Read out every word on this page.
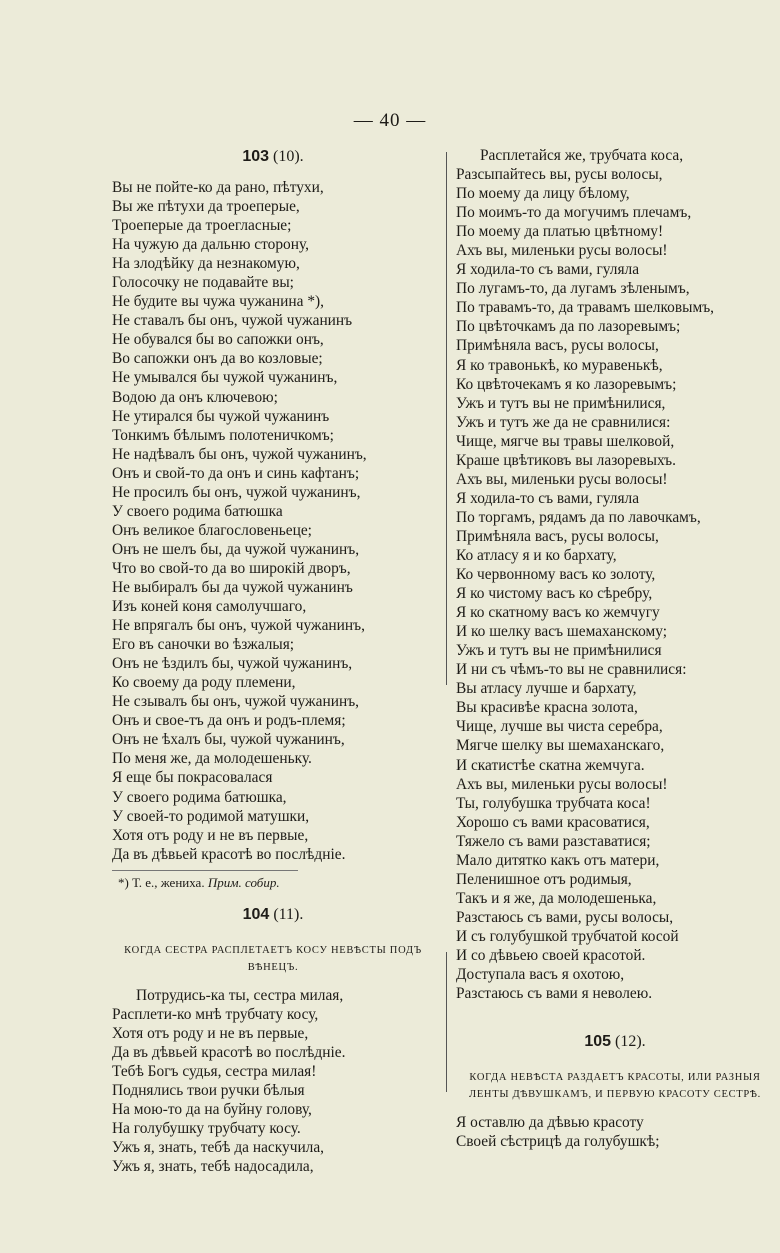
— 40 —
103 (10).
Вы не пойте-ко да рано, пѣтухи,
Вы же пѣтухи да троеперые,
Троеперые да троегласные;
На чужую да дальню сторону,
На злодѣйку да незнакомую,
Голосочку не подавайте вы;
Не будите вы чужа чужанина *),
Не ставалъ бы онъ, чужой чужанинъ
Не обувался бы во сапожки онъ,
Во сапожки онъ да во козловые;
Не умывался бы чужой чужанинъ,
Водою да онъ ключевою;
Не утирался бы чужой чужанинъ
Тонкимъ бѣлымъ полотеничкомъ;
Не надѣвалъ бы онъ, чужой чужанинъ,
Онъ и свой-то да онъ и синь кафтанъ;
Не просилъ бы онъ, чужой чужанинъ,
У своего родима батюшка
Онъ великое благословеньеце;
Онъ не шелъ бы, да чужой чужанинъ,
Что во свой-то да во широкій дворъ,
Не выбиралъ бы да чужой чужанинъ
Изъ коней коня самолучшаго,
Не впрягалъ бы онъ, чужой чужанинъ,
Его въ саночки во ѣзжалыя;
Онъ не ѣздилъ бы, чужой чужанинъ,
Ко своему да роду племени,
Не сзывалъ бы онъ, чужой чужанинъ,
Онъ и свое-тъ да онъ и родъ-племя;
Онъ не ѣхалъ бы, чужой чужанинъ,
По меня же, да молодешеньку.
Я еще бы покрасовалася
У своего родима батюшка,
У своей-то родимой матушки,
Хотя отъ роду и не въ первые,
Да въ дѣвьей красотѣ во послѣдніе.
*) Т. е., жениха. Прим. собир.
104 (11).
КОГДА СЕСТРА РАСПЛЕТАЕТЪ КОСУ НЕВѢСТЫ ПОДЪ ВѢНЕЦЪ.
Потрудись-ка ты, сестра милая,
Расплети-ко мнѣ трубчату косу,
Хотя отъ роду и не въ первые,
Да въ дѣвьей красотѣ во послѣдніе.
Тебѣ Богъ судья, сестра милая!
Поднялись твои ручки бѣлыя
На мою-то да на буйну голову,
На голубушку трубчату косу.
Ужъ я, знать, тебѣ да наскучила,
Ужъ я, знать, тебѣ надосадила,
Расплетайся же, трубчата коса,
Разсыпайтесь вы, русы волосы,
По моему да лицу бѣлому,
По моимъ-то да могучимъ плечамъ,
По моему да платью цвѣтному!
Ахъ вы, миленьки русы волосы!
Я ходила-то съ вами, гуляла
По лугамъ-то, да лугамъ зѣленымъ,
По травамъ-то, да травамъ шелковымъ,
По цвѣточкамъ да по лазоревымъ;
Примѣняла васъ, русы волосы,
Я ко травонькѣ, ко муравенькѣ,
Ко цвѣточекамъ я ко лазоревымъ;
Ужъ и тутъ вы не примѣнилися,
Ужъ и тутъ же да не сравнилися:
Чище, мягче вы травы шелковой,
Краше цвѣтиковъ вы лазоревыхъ.
Ахъ вы, миленьки русы волосы!
Я ходила-то съ вами, гуляла
По торгамъ, рядамъ да по лавочкамъ,
Примѣняла васъ, русы волосы,
Ко атласу я и ко бархату,
Ко червонному васъ ко золоту,
Я ко чистому васъ ко сѣребру,
Я ко скатному васъ ко жемчугу
И ко шелку васъ шемаханскому;
Ужъ и тутъ вы не примѣнилися
И ни съ чѣмъ-то вы не сравнилися:
Вы атласу лучше и бархату,
Вы красивѣе красна золота,
Чище, лучше вы чиста серебра,
Мягче шелку вы шемаханскаго,
И скатистѣе скатна жемчуга.
Ахъ вы, миленьки русы волосы!
Ты, голубушка трубчата коса!
Хорошо съ вами красоватися,
Тяжело съ вами разставатися;
Мало дитятко какъ отъ матери,
Пеленишное отъ родимыя,
Такъ и я же, да молодешенька,
Разстаюсь съ вами, русы волосы,
И съ голубушкой трубчатой косой
И со дѣвьею своей красотой.
Доступала васъ я охотою,
Разстаюсь съ вами я неволею.
105 (12).
КОГДА НЕВѢСТА РАЗДАЕТЪ КРАСОТЫ, ИЛИ РАЗНЫЯ ЛЕНТЫ ДѢВУШКАМЪ, И ПЕРВУЮ КРАСОТУ СЕСТРѢ.
Я оставлю да дѣвью красоту
Своей сѣстрицѣ да голубушкѣ;
